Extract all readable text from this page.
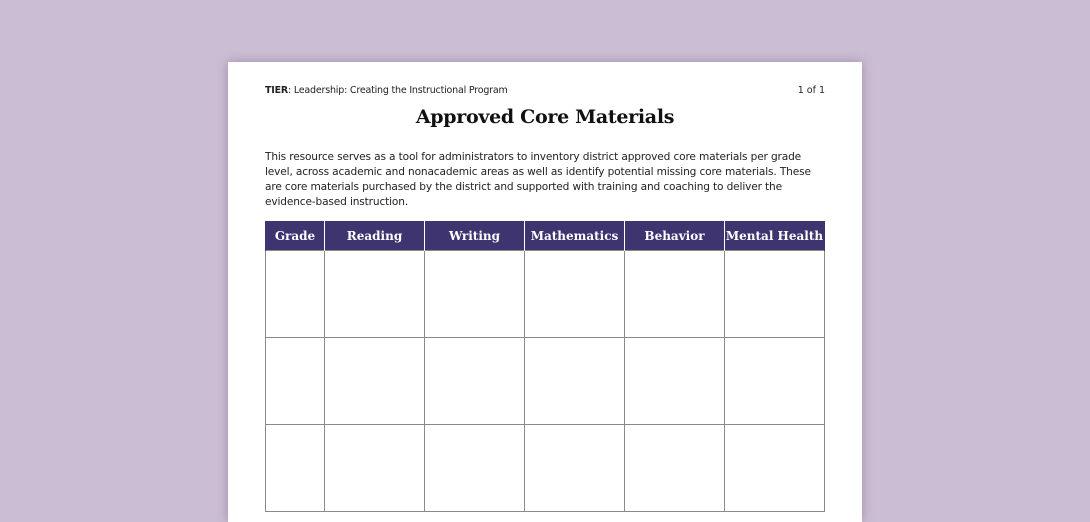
TIER: Leadership: Creating the Instructional Program	1 of 1
Approved Core Materials
This resource serves as a tool for administrators to inventory district approved core materials per grade level, across academic and nonacademic areas as well as identify potential missing core materials. These are core materials purchased by the district and supported with training and coaching to deliver the evidence-based instruction.
Grade	Reading	Writing	Mathematics	Behavior	Mental Health
